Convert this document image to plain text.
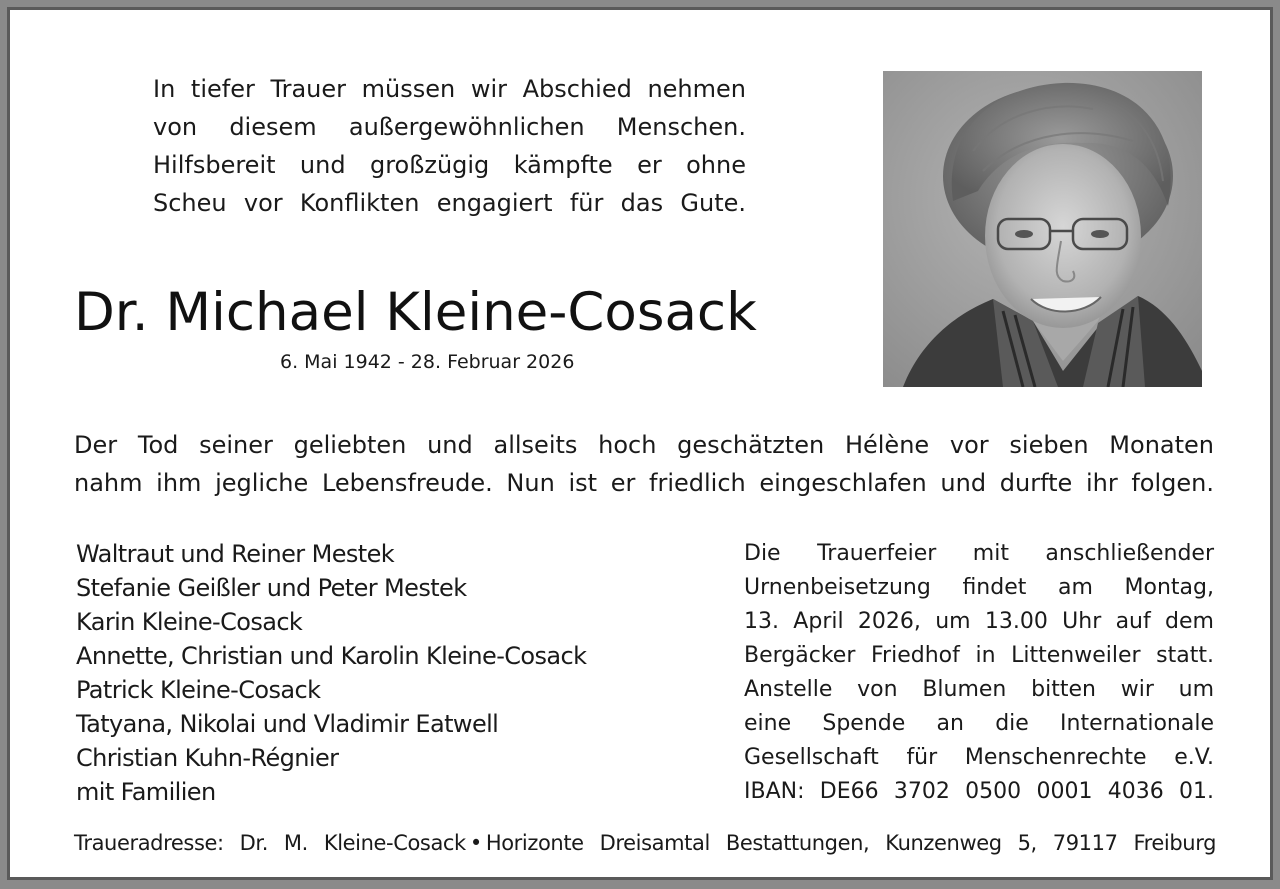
In tiefer Trauer müssen wir Abschied nehmen
von diesem außergewöhnlichen Menschen.
Hilfsbereit und großzügig kämpfte er ohne
Scheu vor Konflikten engagiert für das Gute.
Dr. Michael Kleine-Cosack
6. Mai 1942 - 28. Februar 2026
Der Tod seiner geliebten und allseits hoch geschätzten Hélène vor sieben Monaten
nahm ihm jegliche Lebensfreude. Nun ist er friedlich eingeschlafen und durfte ihr folgen.
Waltraut und Reiner Mestek
Stefanie Geißler und Peter Mestek
Karin Kleine-Cosack
Annette, Christian und Karolin Kleine-Cosack
Patrick Kleine-Cosack
Tatyana, Nikolai und Vladimir Eatwell
Christian Kuhn-Régnier
mit Familien
Die Trauerfeier mit anschließender
Urnenbeisetzung findet am Montag,
13. April 2026, um 13.00 Uhr auf dem
Bergäcker Friedhof in Littenweiler statt.
Anstelle von Blumen bitten wir um
eine Spende an die Internationale
Gesellschaft für Menschenrechte e.V.
IBAN: DE66 3702 0500 0001 4036 01.
Traueradresse: Dr. M. Kleine-Cosack • Horizonte Dreisamtal Bestattungen, Kunzenweg 5, 79117 Freiburg
